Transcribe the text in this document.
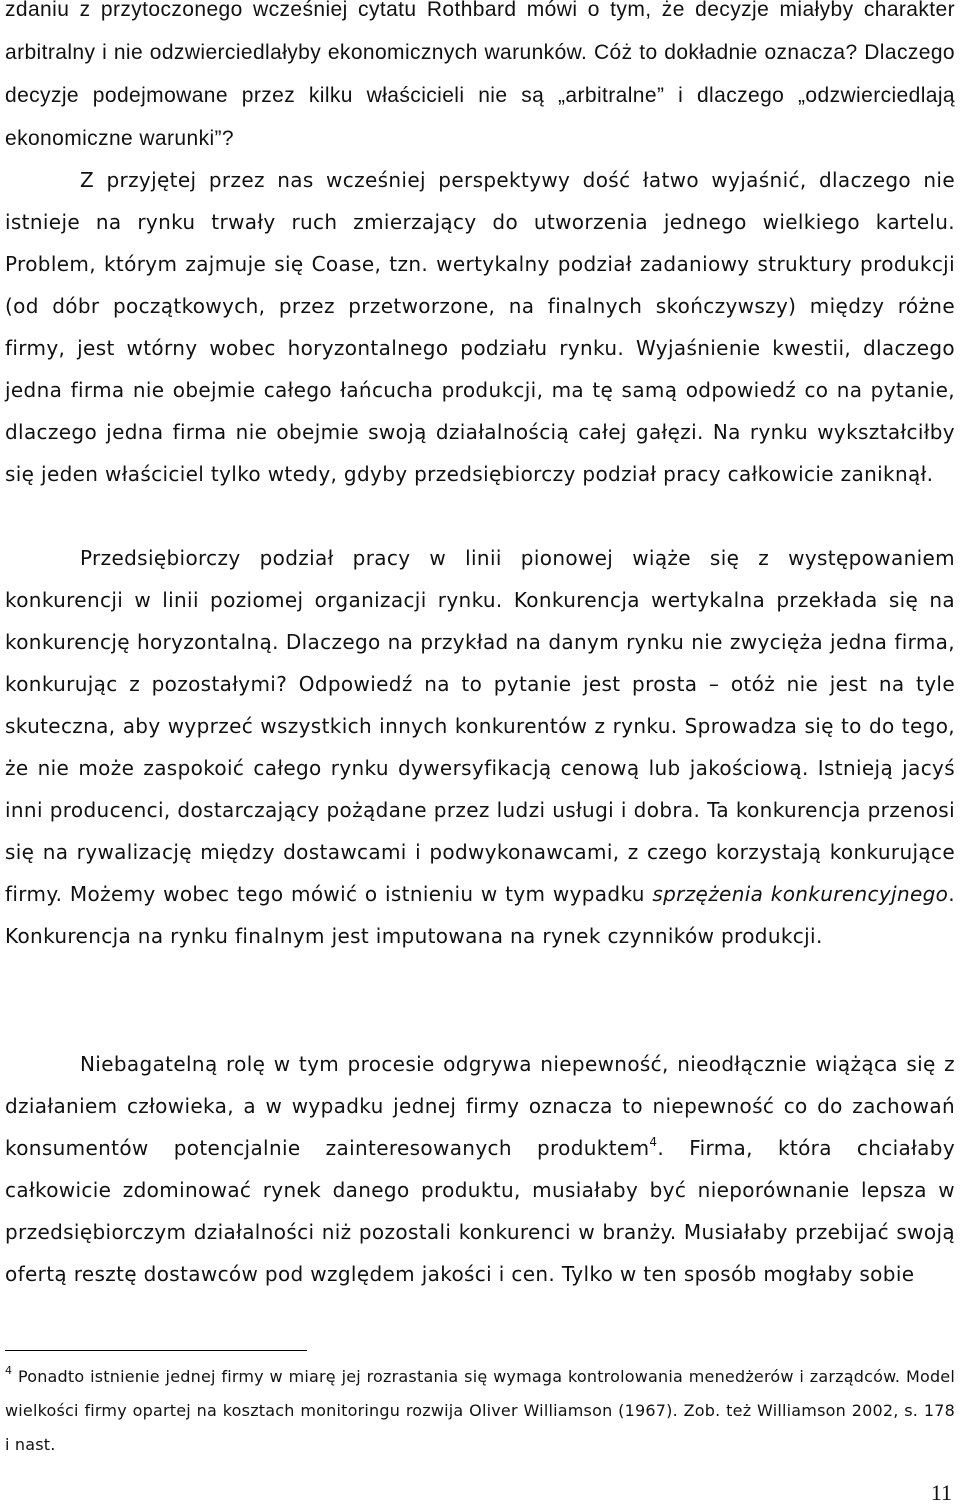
zdaniu z przytoczonego wcześniej cytatu Rothbard mówi o tym, że decyzje miałyby charakter arbitralny i nie odzwierciedlałyby ekonomicznych warunków. Cóż to dokładnie oznacza? Dlaczego decyzje podejmowane przez kilku właścicieli nie są „arbitralne” i dlaczego „odzwierciedlają ekonomiczne warunki”?

Z przyjętej przez nas wcześniej perspektywy dość łatwo wyjaśnić, dlaczego nie istnieje na rynku trwały ruch zmierzający do utworzenia jednego wielkiego kartelu. Problem, którym zajmuje się Coase, tzn. wertykalny podział zadaniowy struktury produkcji (od dóbr początkowych, przez przetworzone, na finalnych skończywszy) między różne firmy, jest wtórny wobec horyzontalnego podziału rynku. Wyjaśnienie kwestii, dlaczego jedna firma nie obejmie całego łańcucha produkcji, ma tę samą odpowiedź co na pytanie, dlaczego jedna firma nie obejmie swoją działalnością całej gałęzi. Na rynku wykształciłby się jeden właściciel tylko wtedy, gdyby przedsiębiorczy podział pracy całkowicie zaniknął.

Przedsiębiorczy podział pracy w linii pionowej wiąże się z występowaniem konkurencji w linii poziomej organizacji rynku. Konkurencja wertykalna przekłada się na konkurencję horyzontalną. Dlaczego na przykład na danym rynku nie zwycięża jedna firma, konkurując z pozostałymi? Odpowiedź na to pytanie jest prosta – otóż nie jest na tyle skuteczna, aby wyprzeć wszystkich innych konkurentów z rynku. Sprowadza się to do tego, że nie może zaspokoić całego rynku dywersyfikacją cenową lub jakościową. Istnieją jacyś inni producenci, dostarczający pożądane przez ludzi usługi i dobra. Ta konkurencja przenosi się na rywalizację między dostawcami i podwykonawcami, z czego korzystają konkurujące firmy. Możemy wobec tego mówić o istnieniu w tym wypadku sprzężenia konkurencyjnego. Konkurencja na rynku finalnym jest imputowana na rynek czynników produkcji.

Niebagatelną rolę w tym procesie odgrywa niepewność, nieodłącznie wiążąca się z działaniem człowieka, a w wypadku jednej firmy oznacza to niepewność co do zachowań konsumentów potencjalnie zainteresowanych produktem$^4$. Firma, która chciałaby całkowicie zdominować rynek danego produktu, musiałaby być nieporównanie lepsza w przedsiębiorczym działalności niż pozostali konkurenci w branży. Musiałaby przebijać swoją ofertą resztę dostawców pod względem jakości i cen. Tylko w ten sposób mogłaby sobie

$^4$ Ponadto istnienie jednej firmy w miarę jej rozrastania się wymaga kontrolowania menedżerów i zarządców. Model wielkości firmy opartej na kosztach monitoringu rozwija Oliver Williamson (1967). Zob. też Williamson 2002, s. 178 i nast.

11
